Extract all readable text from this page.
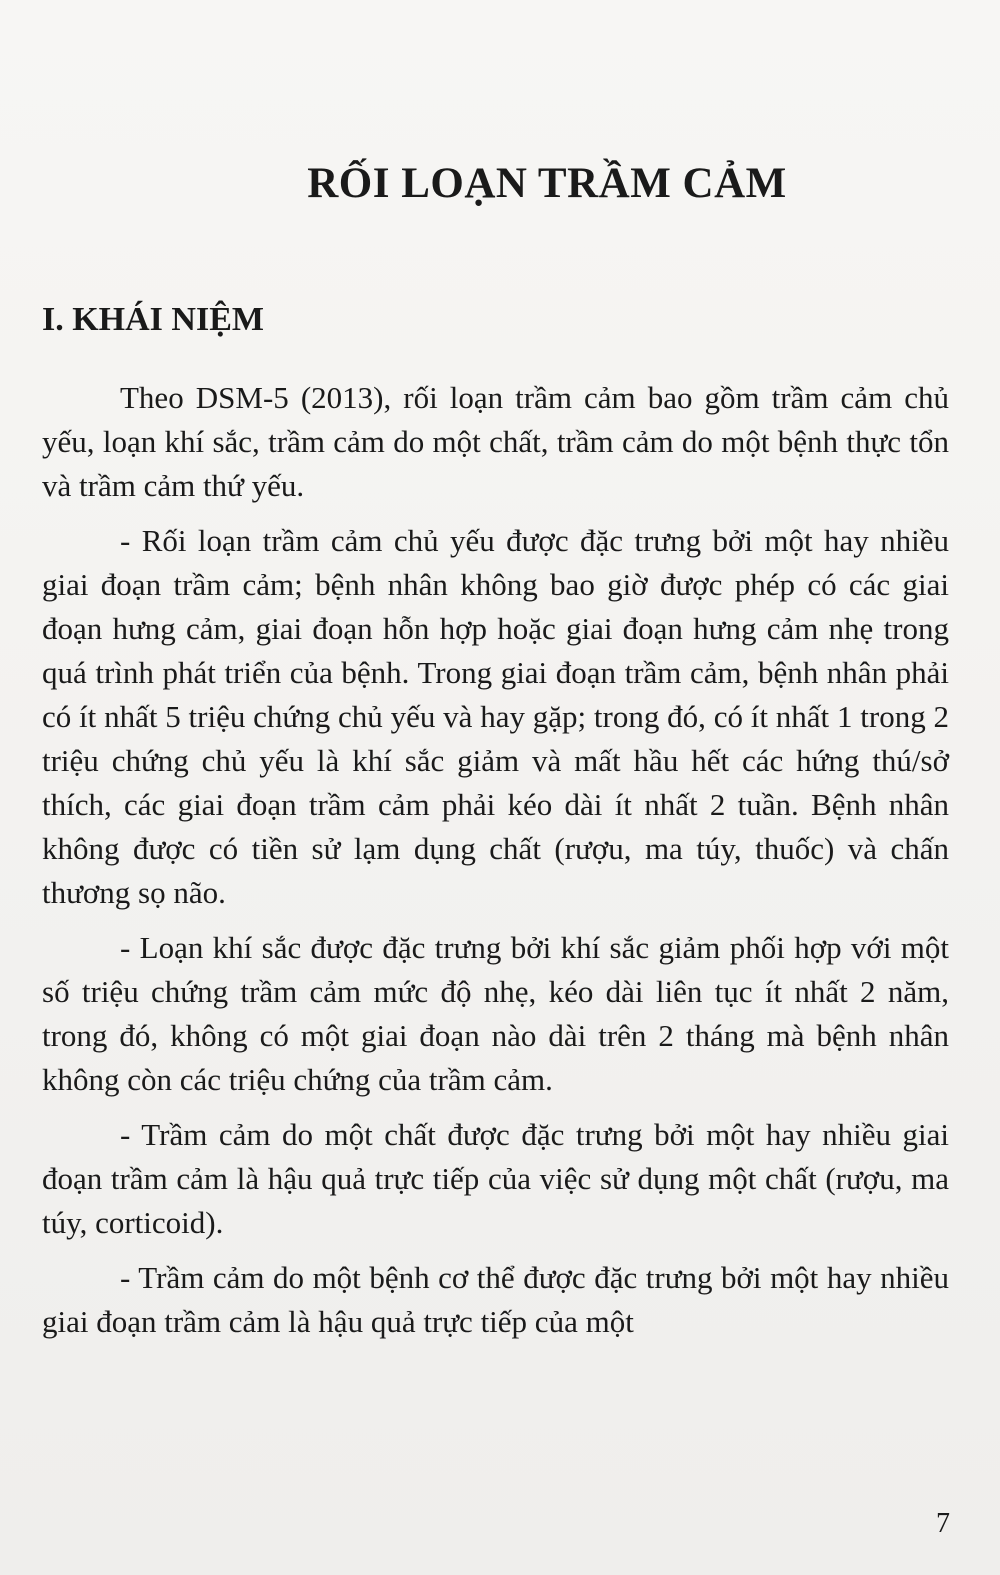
RỐI LOẠN TRẦM CẢM
I. KHÁI NIỆM

Theo DSM-5 (2013), rối loạn trầm cảm bao gồm trầm cảm chủ yếu, loạn khí sắc, trầm cảm do một chất, trầm cảm do một bệnh thực tổn và trầm cảm thứ yếu.

- Rối loạn trầm cảm chủ yếu được đặc trưng bởi một hay nhiều giai đoạn trầm cảm; bệnh nhân không bao giờ được phép có các giai đoạn hưng cảm, giai đoạn hỗn hợp hoặc giai đoạn hưng cảm nhẹ trong quá trình phát triển của bệnh. Trong giai đoạn trầm cảm, bệnh nhân phải có ít nhất 5 triệu chứng chủ yếu và hay gặp; trong đó, có ít nhất 1 trong 2 triệu chứng chủ yếu là khí sắc giảm và mất hầu hết các hứng thú/sở thích, các giai đoạn trầm cảm phải kéo dài ít nhất 2 tuần. Bệnh nhân không được có tiền sử lạm dụng chất (rượu, ma túy, thuốc) và chấn thương sọ não.

- Loạn khí sắc được đặc trưng bởi khí sắc giảm phối hợp với một số triệu chứng trầm cảm mức độ nhẹ, kéo dài liên tục ít nhất 2 năm, trong đó, không có một giai đoạn nào dài trên 2 tháng mà bệnh nhân không còn các triệu chứng của trầm cảm.

- Trầm cảm do một chất được đặc trưng bởi một hay nhiều giai đoạn trầm cảm là hậu quả trực tiếp của việc sử dụng một chất (rượu, ma túy, corticoid).

- Trầm cảm do một bệnh cơ thể được đặc trưng bởi một hay nhiều giai đoạn trầm cảm là hậu quả trực tiếp của một

7
